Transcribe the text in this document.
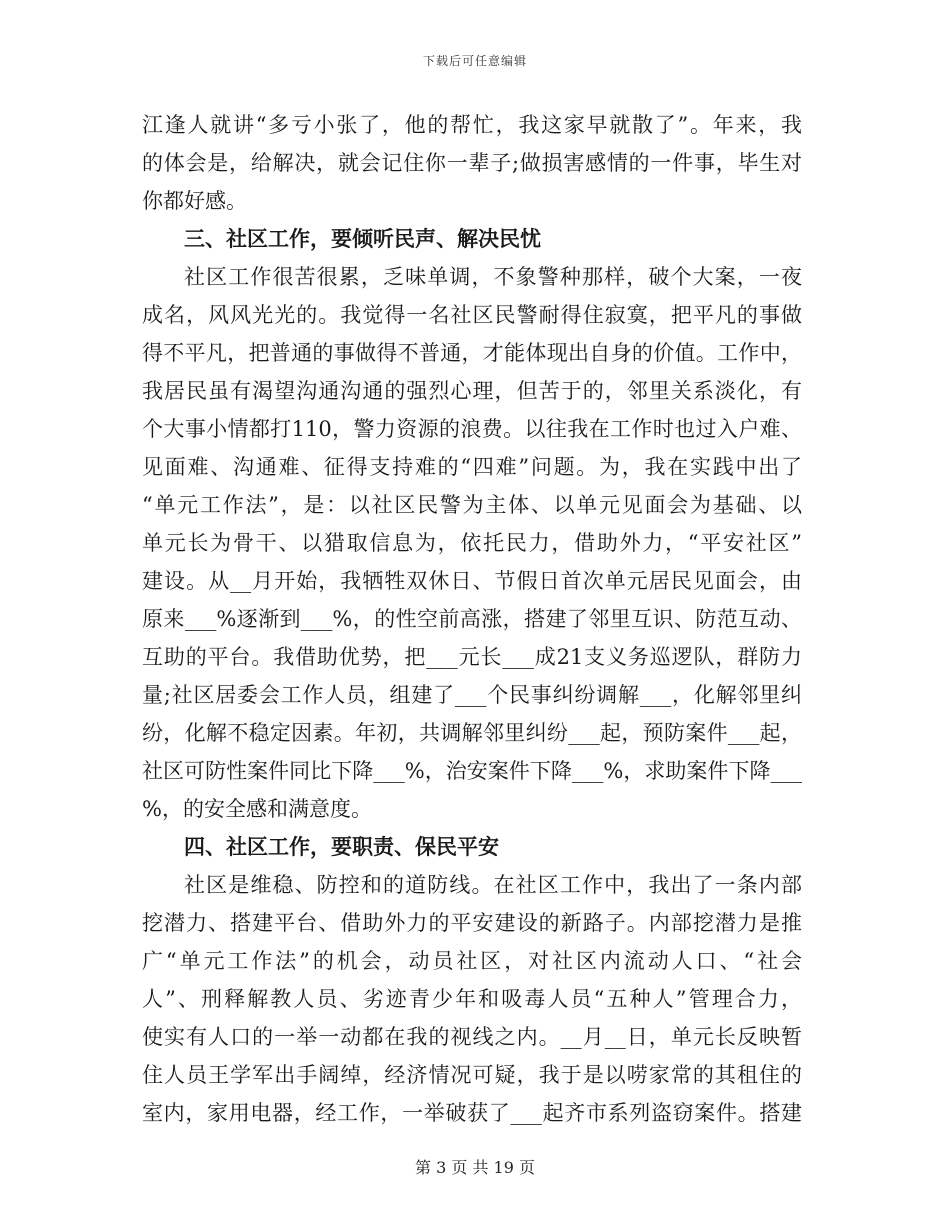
下载后可任意编辑
江逢人就讲“多亏小张了，他的帮忙，我这家早就散了”。年来，我
的体会是，给解决，就会记住你一辈子;做损害感情的一件事，毕生对
你都好感。
三、社区工作，要倾听民声、解决民忧
社区工作很苦很累，乏味单调，不象警种那样，破个大案，一夜
成名，风风光光的。我觉得一名社区民警耐得住寂寞，把平凡的事做
得不平凡，把普通的事做得不普通，才能体现出自身的价值。工作中，
我居民虽有渴望沟通沟通的强烈心理，但苦于的，邻里关系淡化，有
个大事小情都打110，警力资源的浪费。以往我在工作时也过入户难、
见面难、沟通难、征得支持难的“四难”问题。为，我在实践中出了
“单元工作法”，是：以社区民警为主体、以单元见面会为基础、以
单元长为骨干、以猎取信息为，依托民力，借助外力，“平安社区”
建设。从__月开始，我牺牲双休日、节假日首次单元居民见面会，由
原来___%逐渐到___%，的性空前高涨，搭建了邻里互识、防范互动、
互助的平台。我借助优势，把___元长___成21支义务巡逻队，群防力
量;社区居委会工作人员，组建了___个民事纠纷调解___，化解邻里纠
纷，化解不稳定因素。年初，共调解邻里纠纷___起，预防案件___起，
社区可防性案件同比下降___%，治安案件下降___%，求助案件下降___
%，的安全感和满意度。
四、社区工作，要职责、保民平安
社区是维稳、防控和的道防线。在社区工作中，我出了一条内部
挖潜力、搭建平台、借助外力的平安建设的新路子。内部挖潜力是推
广“单元工作法”的机会，动员社区，对社区内流动人口、“社会
人”、刑释解教人员、劣迹青少年和吸毒人员“五种人”管理合力，
使实有人口的一举一动都在我的视线之内。__月__日，单元长反映暂
住人员王学军出手阔绰，经济情况可疑，我于是以唠家常的其租住的
室内，家用电器，经工作，一举破获了___起齐市系列盗窃案件。搭建
第 3 页 共 19 页
